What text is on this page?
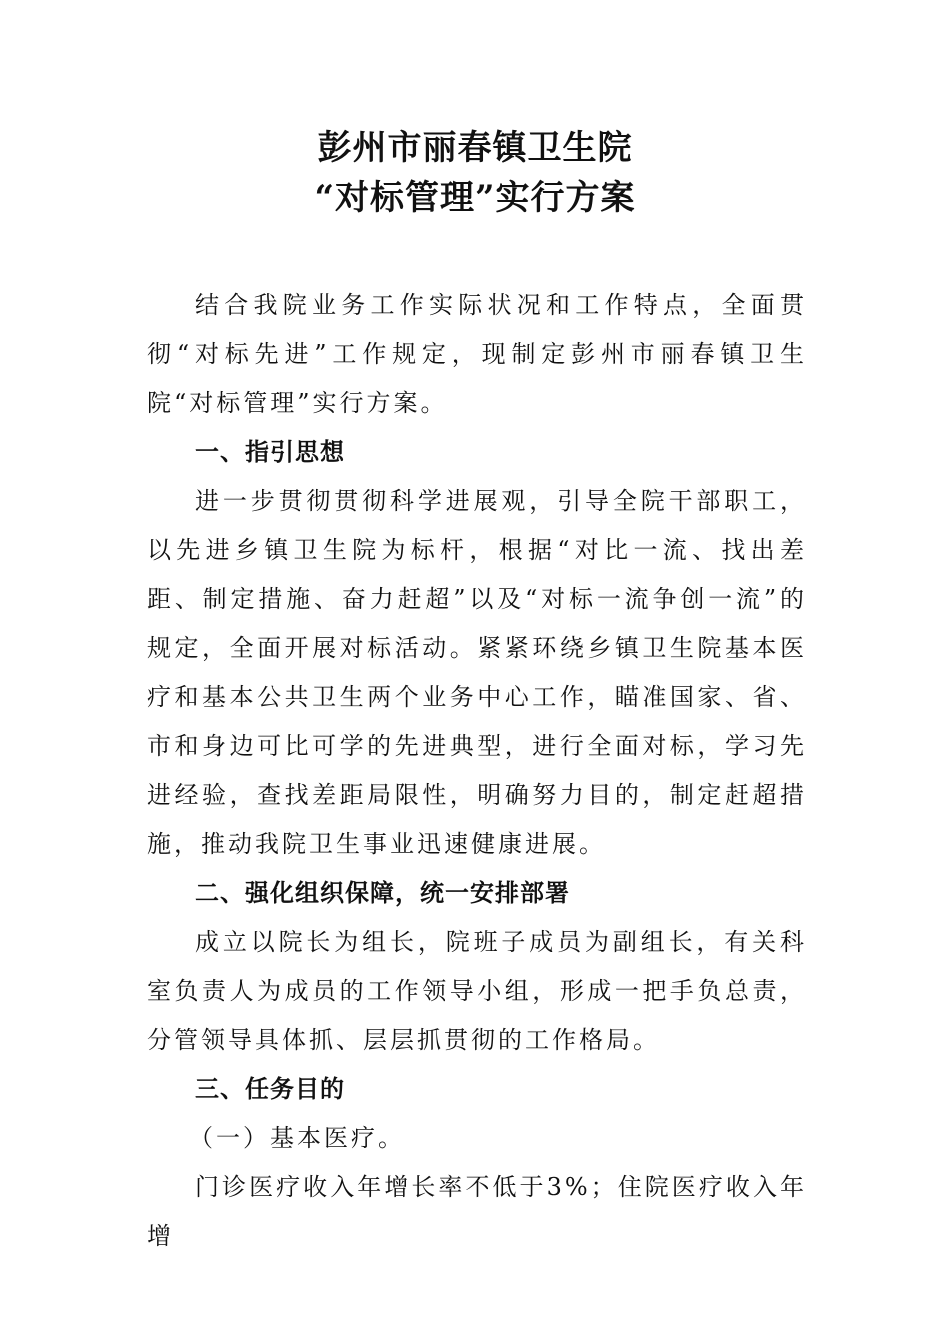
彭州市丽春镇卫生院
“对标管理”实行方案

结合我院业务工作实际状况和工作特点，全面贯彻“对标先进”工作规定，现制定彭州市丽春镇卫生院“对标管理”实行方案。

一、指引思想

进一步贯彻贯彻科学进展观，引导全院干部职工，以先进乡镇卫生院为标杆，根据“对比一流、找出差距、制定措施、奋力赶超”以及“对标一流争创一流”的规定，全面开展对标活动。紧紧环绕乡镇卫生院基本医疗和基本公共卫生两个业务中心工作，瞄准国家、省、市和身边可比可学的先进典型，进行全面对标，学习先进经验，查找差距局限性，明确努力目的，制定赶超措施，推动我院卫生事业迅速健康进展。

二、强化组织保障，统一安排部署

成立以院长为组长，院班子成员为副组长，有关科室负责人为成员的工作领导小组，形成一把手负总责，分管领导具体抓、层层抓贯彻的工作格局。

三、任务目的

（一）基本医疗。

门诊医疗收入年增长率不低于3%；住院医疗收入年增
